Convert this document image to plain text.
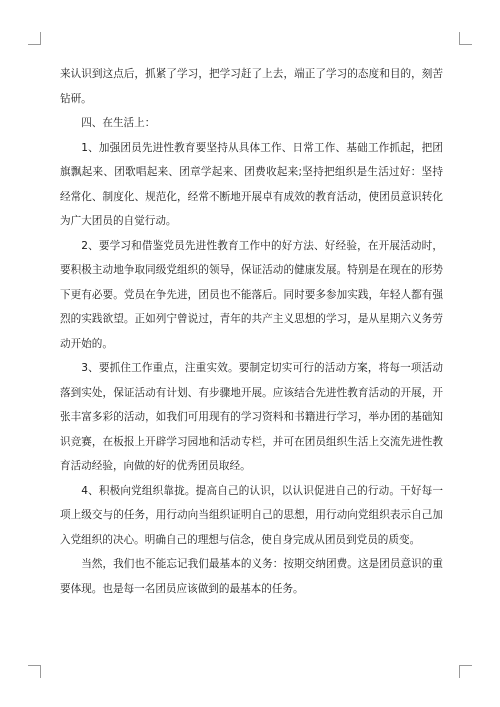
来认识到这点后，抓紧了学习，把学习赶了上去，端正了学习的态度和目的，刻苦钻研。

四、在生活上：

1、加强团员先进性教育要坚持从具体工作、日常工作、基础工作抓起，把团旗飘起来、团歌唱起来、团章学起来、团费收起来;坚持把组织是生活过好：坚持经常化、制度化、规范化，经常不断地开展卓有成效的教育活动，使团员意识转化为广大团员的自觉行动。

2、要学习和借鉴党员先进性教育工作中的好方法、好经验，在开展活动时，要积极主动地争取同级党组织的领导，保证活动的健康发展。特别是在现在的形势下更有必要。党员在争先进，团员也不能落后。同时要多参加实践，年轻人都有强烈的实践欲望。正如列宁曾说过，青年的共产主义思想的学习，是从星期六义务劳动开始的。

3、要抓住工作重点，注重实效。要制定切实可行的活动方案，将每一项活动落到实处，保证活动有计划、有步骤地开展。应该结合先进性教育活动的开展，开张丰富多彩的活动，如我们可用现有的学习资料和书籍进行学习，举办团的基础知识竞赛，在板报上开辟学习园地和活动专栏，并可在团员组织生活上交流先进性教育活动经验，向做的好的优秀团员取经。

4、积极向党组织靠拢。提高自己的认识，以认识促进自己的行动。干好每一项上级交与的任务，用行动向当组织证明自己的思想，用行动向党组织表示自己加入党组织的决心。明确自己的理想与信念，使自身完成从团员到党员的质变。

当然，我们也不能忘记我们最基本的义务：按期交纳团费。这是团员意识的重要体现。也是每一名团员应该做到的最基本的任务。
